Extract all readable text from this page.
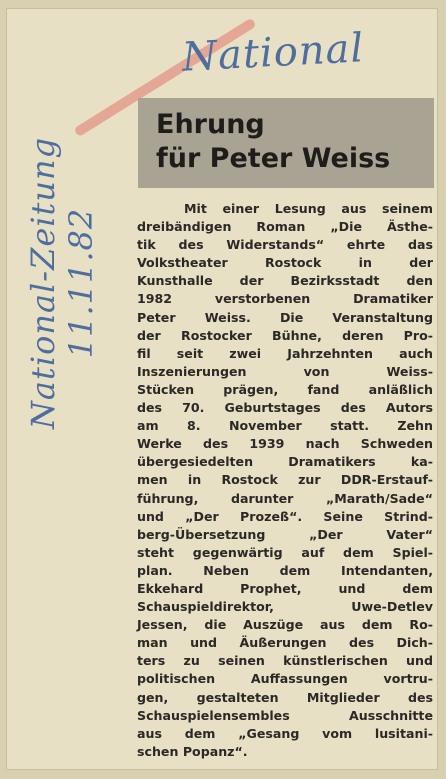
National
National-Zeitung 11.11.82
Ehrung
für Peter Weiss
Mit einer Lesung aus seinem
dreibändigen Roman „Die Ästhe-
tik des Widerstands“ ehrte das
Volkstheater   Rostock   in   der
Kunsthalle der Bezirksstadt den
1982   verstorbenen   Dramatiker
Peter  Weiss.  Die  Veranstaltung
der Rostocker Bühne, deren Pro-
fil  seit  zwei  Jahrzehnten  auch
Inszenierungen      von      Weiss-
Stücken  prägen,  fand  anläßlich
des  70.  Geburtstages  des  Autors
am    8.    November    statt.    Zehn
Werke des 1939 nach Schweden
übergesiedelten Dramatikers ka-
men in Rostock zur DDR-Erstauf-
führung, darunter „Marath/Sade“
und „Der Prozeß“. Seine Strind-
berg-Übersetzung   „Der   Vater“
steht gegenwärtig auf dem Spiel-
plan.   Neben   dem   Intendanten,
Ekkehard     Prophet,     und     dem
Schauspieldirektor,     Uwe-Detlev
Jessen, die Auszüge aus dem Ro-
man  und  Äußerungen  des  Dich-
ters zu seinen künstlerischen und
politischen   Auffassungen   vortru-
gen,  gestalteten  Mitglieder  des
Schauspielensembles Ausschnitte
aus  dem  „Gesang  vom  lusitani-
schen Popanz“.
